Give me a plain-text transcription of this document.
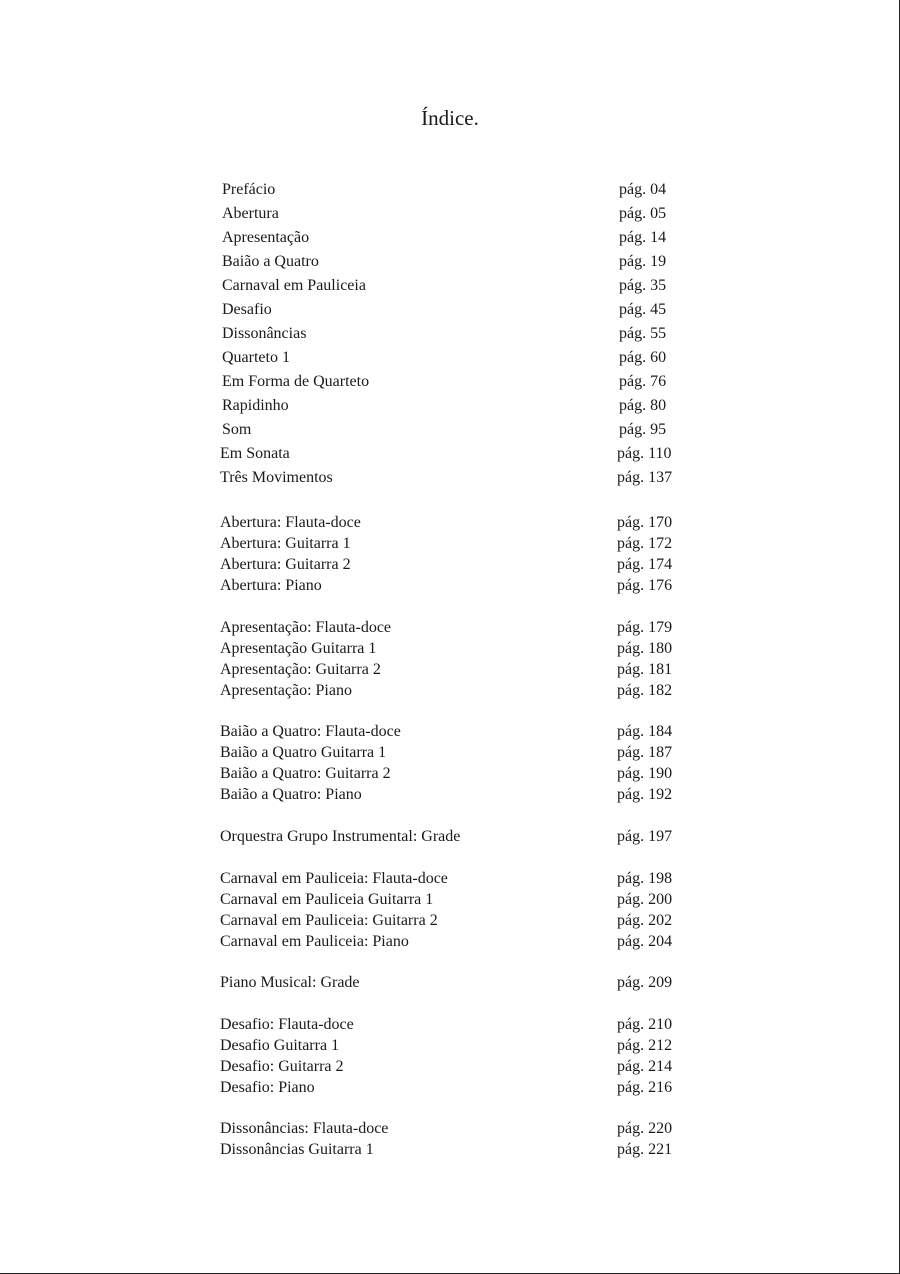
Índice.
Prefácio	pág. 04
Abertura	pág. 05
Apresentação	pág. 14
Baião a Quatro	pág. 19
Carnaval em Pauliceia	pág. 35
Desafio	pág. 45
Dissonâncias	pág. 55
Quarteto 1	pág. 60
Em Forma de Quarteto	pág. 76
Rapidinho	pág. 80
Som	pág. 95
Em Sonata	pág. 110
Três Movimentos	pág. 137
Abertura: Flauta-doce	pág. 170
Abertura: Guitarra 1	pág. 172
Abertura: Guitarra 2	pág. 174
Abertura: Piano	pág. 176
Apresentação: Flauta-doce	pág. 179
Apresentação Guitarra 1	pág. 180
Apresentação: Guitarra 2	pág. 181
Apresentação: Piano	pág. 182
Baião a Quatro: Flauta-doce	pág. 184
Baião a Quatro Guitarra 1	pág. 187
Baião a Quatro: Guitarra 2	pág. 190
Baião a Quatro: Piano	pág. 192
Orquestra Grupo Instrumental: Grade	pág. 197
Carnaval em Pauliceia: Flauta-doce	pág. 198
Carnaval em Pauliceia Guitarra 1	pág. 200
Carnaval em Pauliceia: Guitarra 2	pág. 202
Carnaval em Pauliceia: Piano	pág. 204
Piano Musical: Grade	pág. 209
Desafio: Flauta-doce	pág. 210
Desafio Guitarra 1	pág. 212
Desafio: Guitarra 2	pág. 214
Desafio: Piano	pág. 216
Dissonâncias: Flauta-doce	pág. 220
Dissonâncias Guitarra 1	pág. 221
